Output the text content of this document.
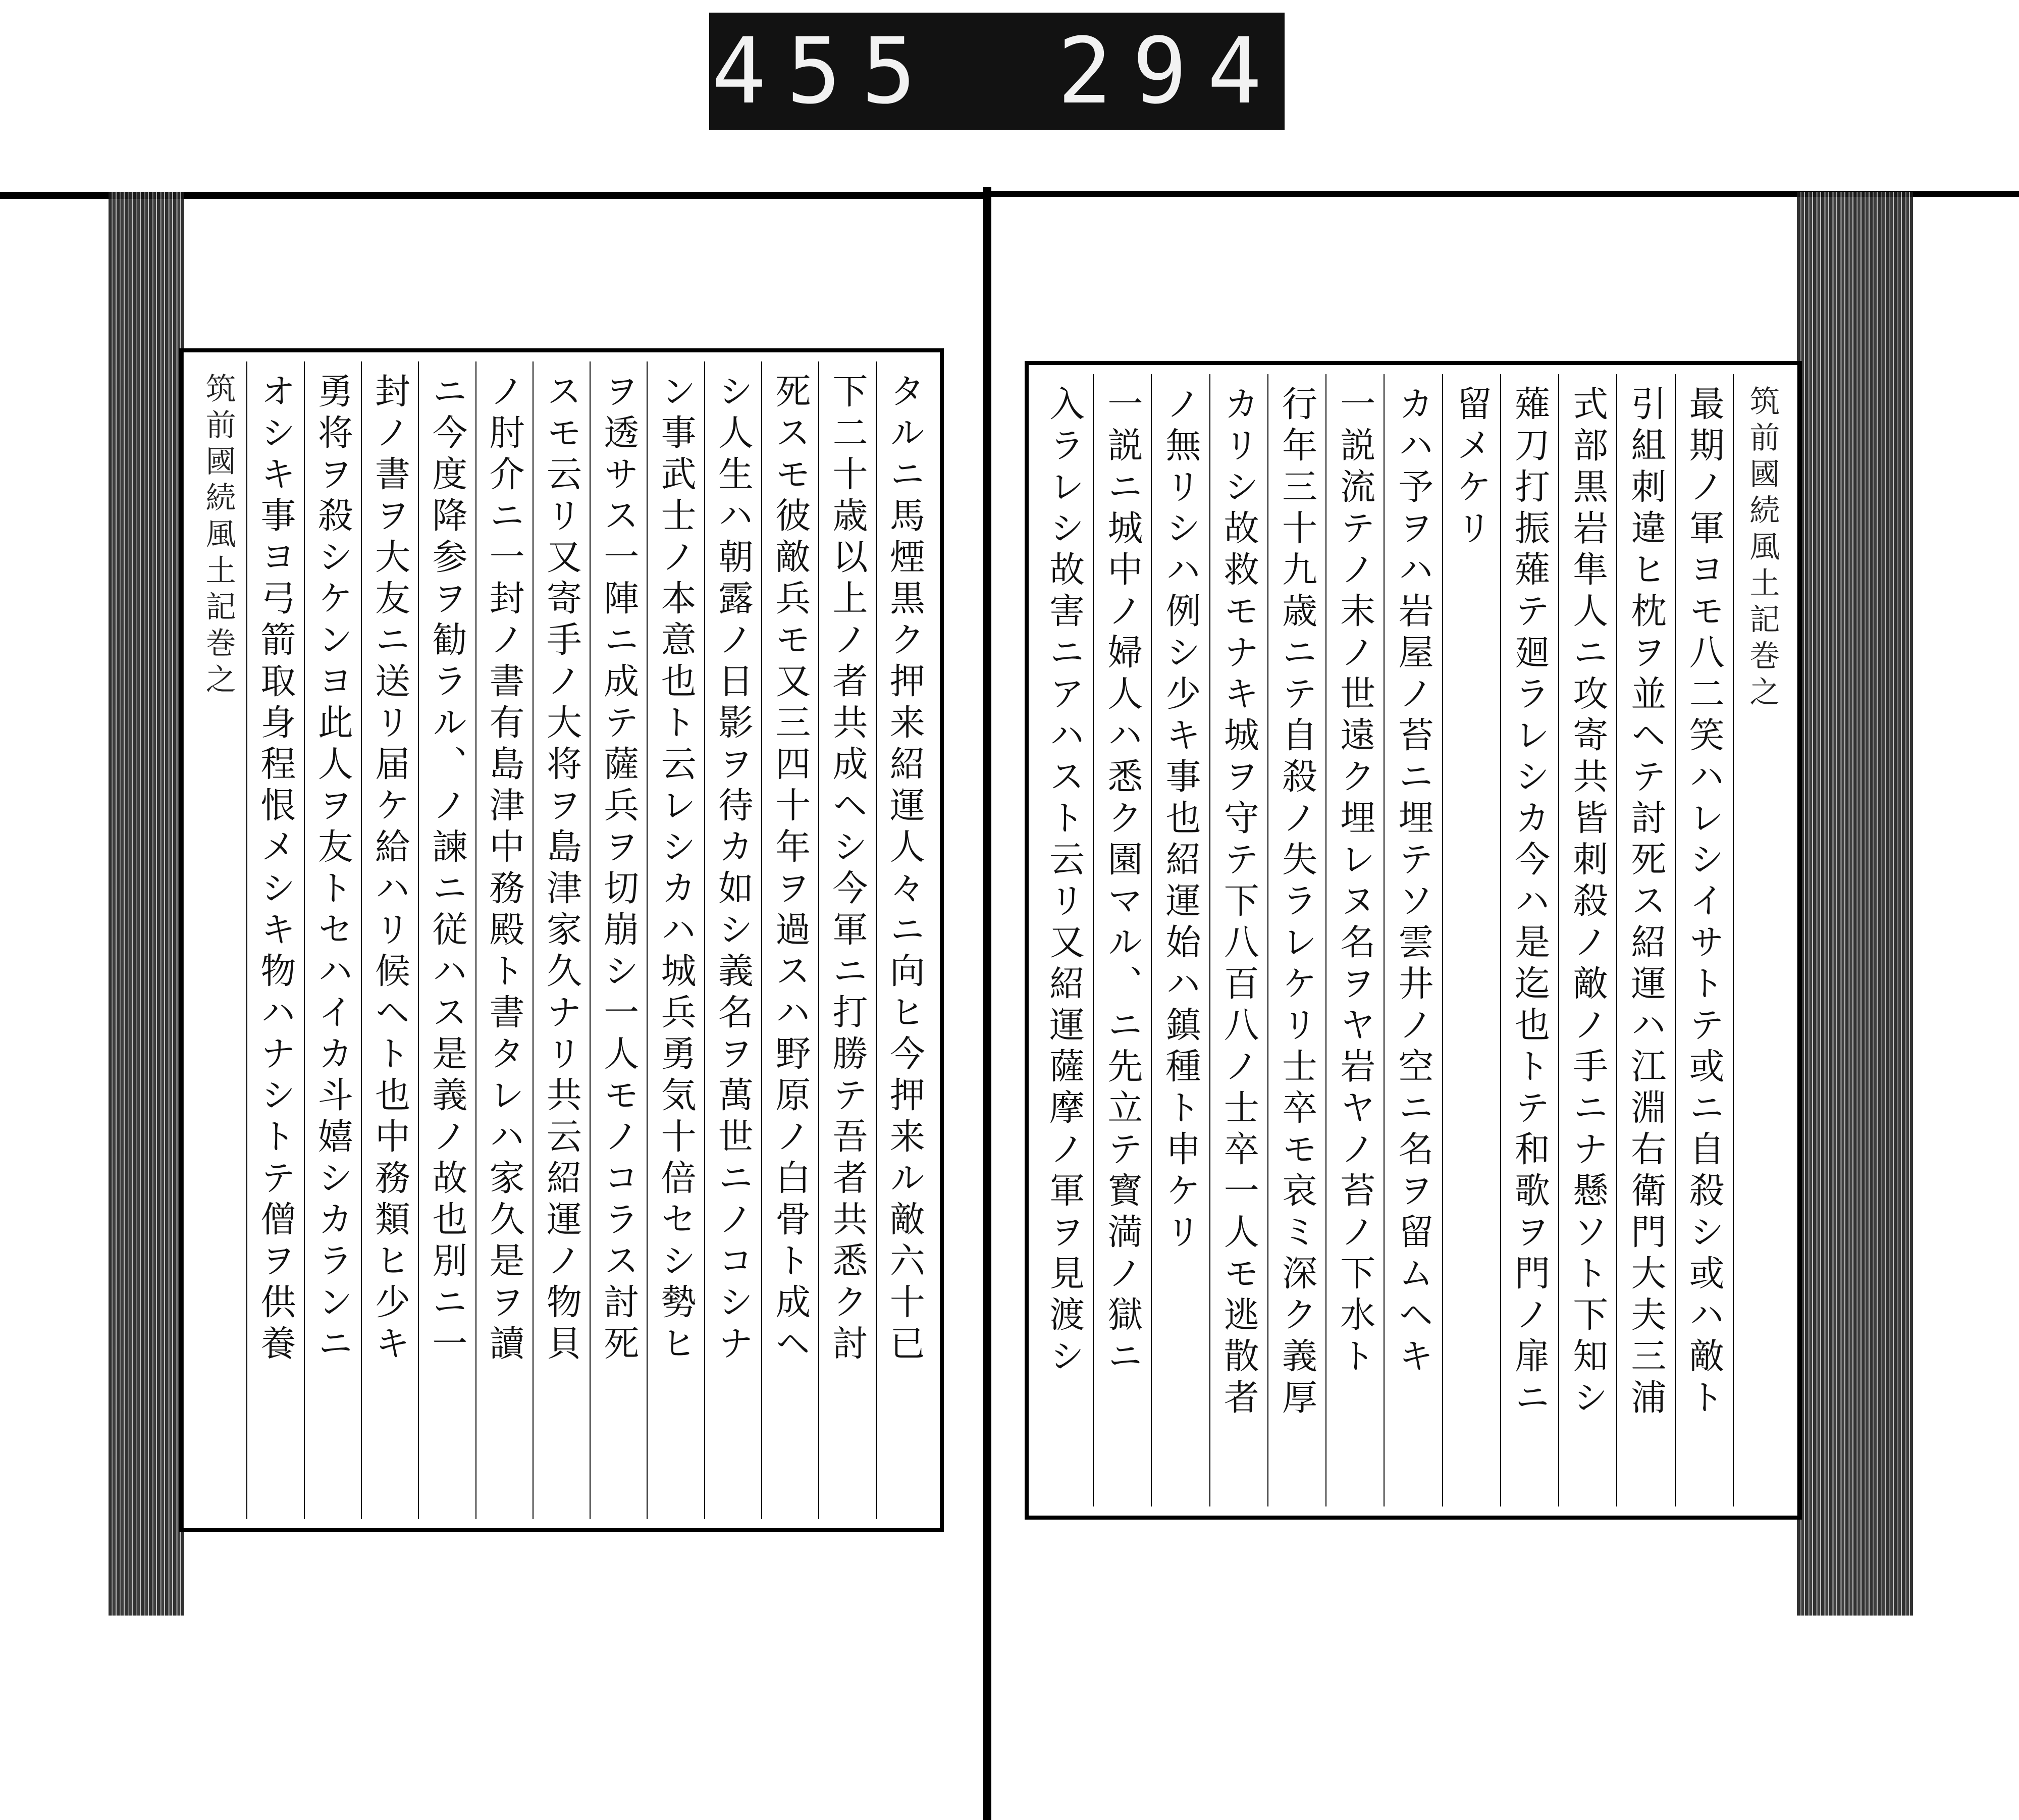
455 294
タルニ馬煙黒ク押来紹運人々ニ向ヒ今押来ル敵六十已
下二十歳以上ノ者共成ヘシ今軍ニ打勝テ吾者共悉ク討
死スモ彼敵兵モ又三四十年ヲ過スハ野原ノ白骨ト成ヘ
シ人生ハ朝露ノ日影ヲ待カ如シ義名ヲ萬世ニノコシナ
ン事武士ノ本意也ト云レシカハ城兵勇気十倍セシ勢ヒ
ヲ透サス一陣ニ成テ薩兵ヲ切崩シ一人モノコラス討死
スモ云リ又寄手ノ大将ヲ島津家久ナリ共云紹運ノ物貝
ノ肘介ニ一封ノ書有島津中務殿ト書タレハ家久是ヲ讀
ニ今度降参ヲ勧ラル、ノ諫ニ従ハス是義ノ故也別ニ一
封ノ書ヲ大友ニ送リ届ケ給ハリ候ヘト也中務類ヒ少キ
勇将ヲ殺シケンヨ此人ヲ友トセハイカ斗嬉シカランニ
オシキ事ヨ弓箭取身程恨メシキ物ハナシトテ僧ヲ供養
筑前國続風土記巻之	筑前國続風土記巻之
最期ノ軍ヨモ八二笑ハレシイサトテ或ニ自殺シ或ハ敵ト
引組刺違ヒ枕ヲ並ヘテ討死ス紹運ハ江淵右衛門大夫三浦
式部黒岩隼人ニ攻寄共皆刺殺ノ敵ノ手ニナ懸ソト下知シ
薙刀打振薙テ廻ラレシカ今ハ是迄也トテ和歌ヲ門ノ扉ニ
留メケリ
カハ予ヲハ岩屋ノ苔ニ埋テソ雲井ノ空ニ名ヲ留ムヘキ
一説流テノ末ノ世遠ク埋レヌ名ヲヤ岩ヤノ苔ノ下水ト
行年三十九歳ニテ自殺ノ失ラレケリ士卒モ哀ミ深ク義厚
カリシ故救モナキ城ヲ守テ下八百八ノ士卒一人モ逃散者
ノ無リシハ例シ少キ事也紹運始ハ鎮種ト申ケリ
一説ニ城中ノ婦人ハ悉ク園マル、ニ先立テ寳満ノ獄ニ
入ラレシ故害ニアハスト云リ又紹運薩摩ノ軍ヲ見渡シ
